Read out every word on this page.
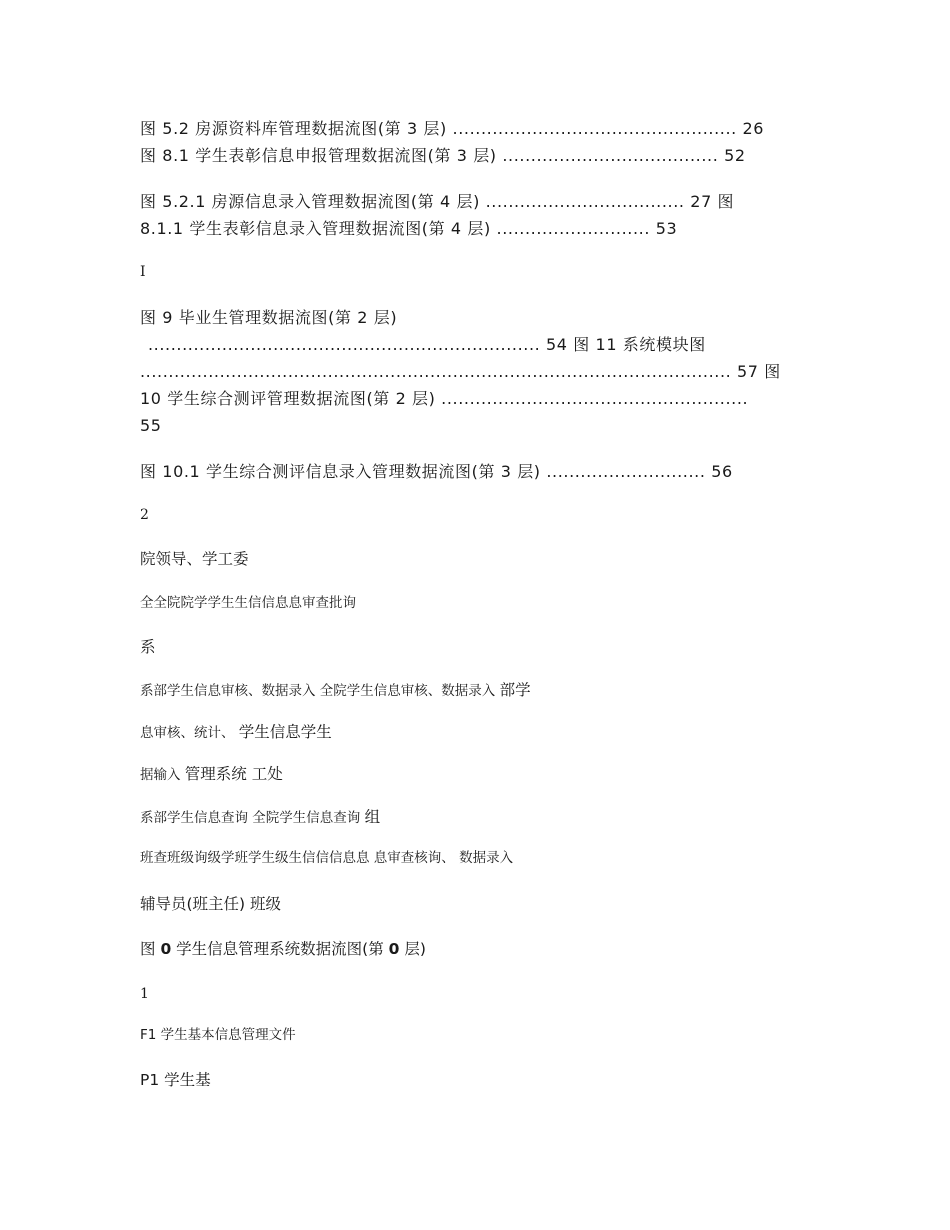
图 5.2 房源资料库管理数据流图(第 3 层) .................................................. 26
图 8.1 学生表彰信息申报管理数据流图(第 3 层) ...................................... 52
图 5.2.1 房源信息录入管理数据流图(第 4 层) ................................... 27 图
8.1.1 学生表彰信息录入管理数据流图(第 4 层) ........................... 53
I
图 9 毕业生管理数据流图(第 2 层)
..................................................................... 54 图 11 系统模块图
........................................................................................................ 57 图
10 学生综合测评管理数据流图(第 2 层) ......................................................
55
图 10.1 学生综合测评信息录入管理数据流图(第 3 层) ............................ 56
2
院领导、学工委
全全院院学学生生信信息息审查批询
系
系部学生信息审核、数据录入 全院学生信息审核、数据录入 部学
息审核、统计、 学生信息学生
据输入 管理系统 工处
系部学生信息查询 全院学生信息查询 组
班查班级询级学班学生级生信信信息息 息审查核询、 数据录入
辅导员(班主任) 班级
图 0 学生信息管理系统数据流图(第 0 层)
1
F1 学生基本信息管理文件
P1 学生基
